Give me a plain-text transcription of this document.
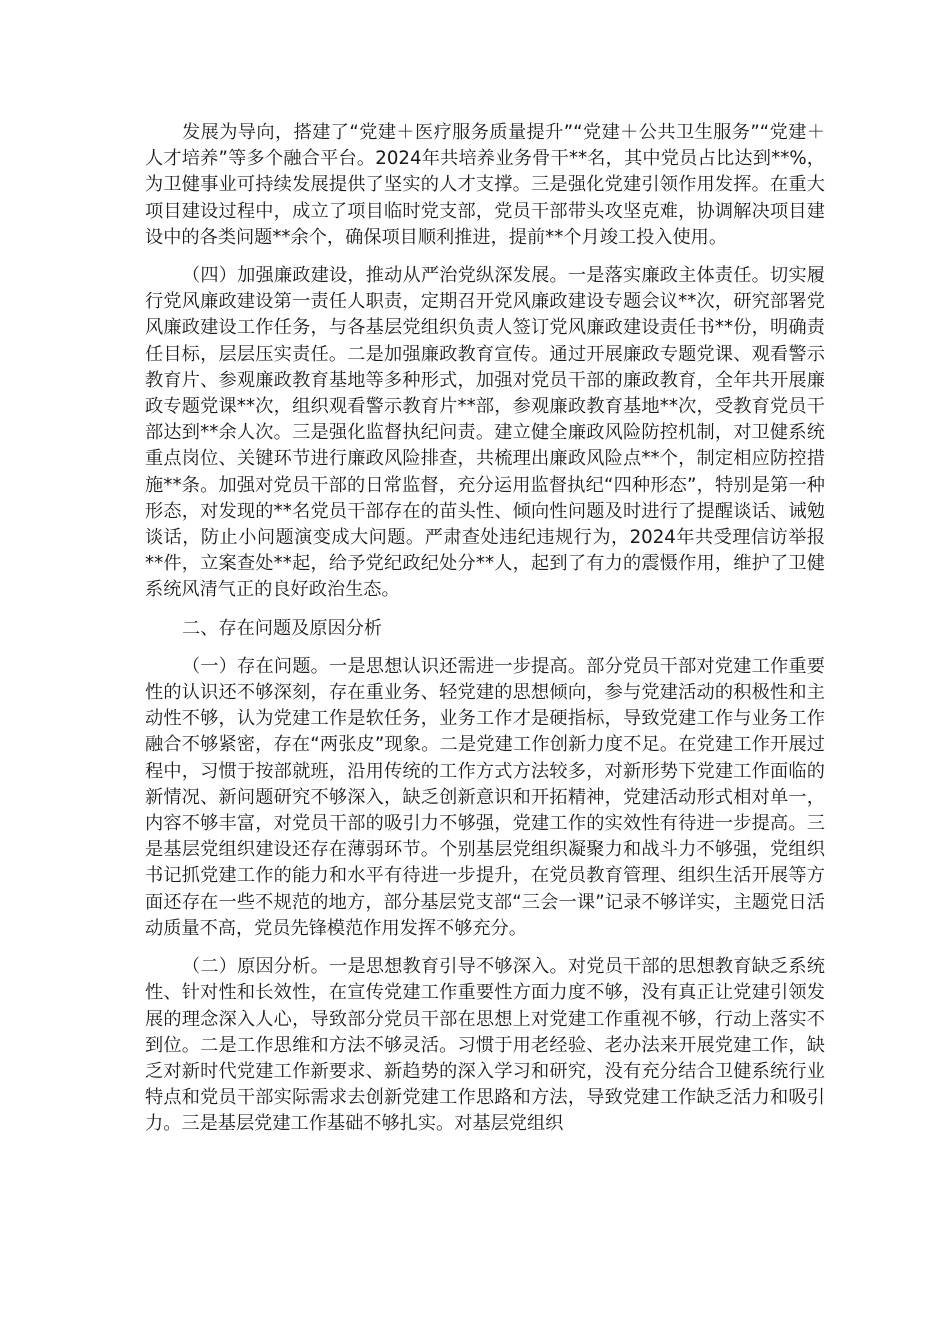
发展为导向，搭建了“党建＋医疗服务质量提升”“党建＋公共卫生服务”“党建＋人才培养”等多个融合平台。2024年共培养业务骨干**名，其中党员占比达到**%，为卫健事业可持续发展提供了坚实的人才支撑。三是强化党建引领作用发挥。在重大项目建设过程中，成立了项目临时党支部，党员干部带头攻坚克难，协调解决项目建设中的各类问题**余个，确保项目顺利推进，提前**个月竣工投入使用。

（四）加强廉政建设，推动从严治党纵深发展。一是落实廉政主体责任。切实履行党风廉政建设第一责任人职责，定期召开党风廉政建设专题会议**次，研究部署党风廉政建设工作任务，与各基层党组织负责人签订党风廉政建设责任书**份，明确责任目标，层层压实责任。二是加强廉政教育宣传。通过开展廉政专题党课、观看警示教育片、参观廉政教育基地等多种形式，加强对党员干部的廉政教育，全年共开展廉政专题党课**次，组织观看警示教育片**部，参观廉政教育基地**次，受教育党员干部达到**余人次。三是强化监督执纪问责。建立健全廉政风险防控机制，对卫健系统重点岗位、关键环节进行廉政风险排查，共梳理出廉政风险点**个，制定相应防控措施**条。加强对党员干部的日常监督，充分运用监督执纪“四种形态”，特别是第一种形态，对发现的**名党员干部存在的苗头性、倾向性问题及时进行了提醒谈话、诫勉谈话，防止小问题演变成大问题。严肃查处违纪违规行为，2024年共受理信访举报**件，立案查处**起，给予党纪政纪处分**人，起到了有力的震慑作用，维护了卫健系统风清气正的良好政治生态。

二、存在问题及原因分析

（一）存在问题。一是思想认识还需进一步提高。部分党员干部对党建工作重要性的认识还不够深刻，存在重业务、轻党建的思想倾向，参与党建活动的积极性和主动性不够，认为党建工作是软任务，业务工作才是硬指标，导致党建工作与业务工作融合不够紧密，存在“两张皮”现象。二是党建工作创新力度不足。在党建工作开展过程中，习惯于按部就班，沿用传统的工作方式方法较多，对新形势下党建工作面临的新情况、新问题研究不够深入，缺乏创新意识和开拓精神，党建活动形式相对单一，内容不够丰富，对党员干部的吸引力不够强，党建工作的实效性有待进一步提高。三是基层党组织建设还存在薄弱环节。个别基层党组织凝聚力和战斗力不够强，党组织书记抓党建工作的能力和水平有待进一步提升，在党员教育管理、组织生活开展等方面还存在一些不规范的地方，部分基层党支部“三会一课”记录不够详实，主题党日活动质量不高，党员先锋模范作用发挥不够充分。

（二）原因分析。一是思想教育引导不够深入。对党员干部的思想教育缺乏系统性、针对性和长效性，在宣传党建工作重要性方面力度不够，没有真正让党建引领发展的理念深入人心，导致部分党员干部在思想上对党建工作重视不够，行动上落实不到位。二是工作思维和方法不够灵活。习惯于用老经验、老办法来开展党建工作，缺乏对新时代党建工作新要求、新趋势的深入学习和研究，没有充分结合卫健系统行业特点和党员干部实际需求去创新党建工作思路和方法，导致党建工作缺乏活力和吸引力。三是基层党建工作基础不够扎实。对基层党组织
